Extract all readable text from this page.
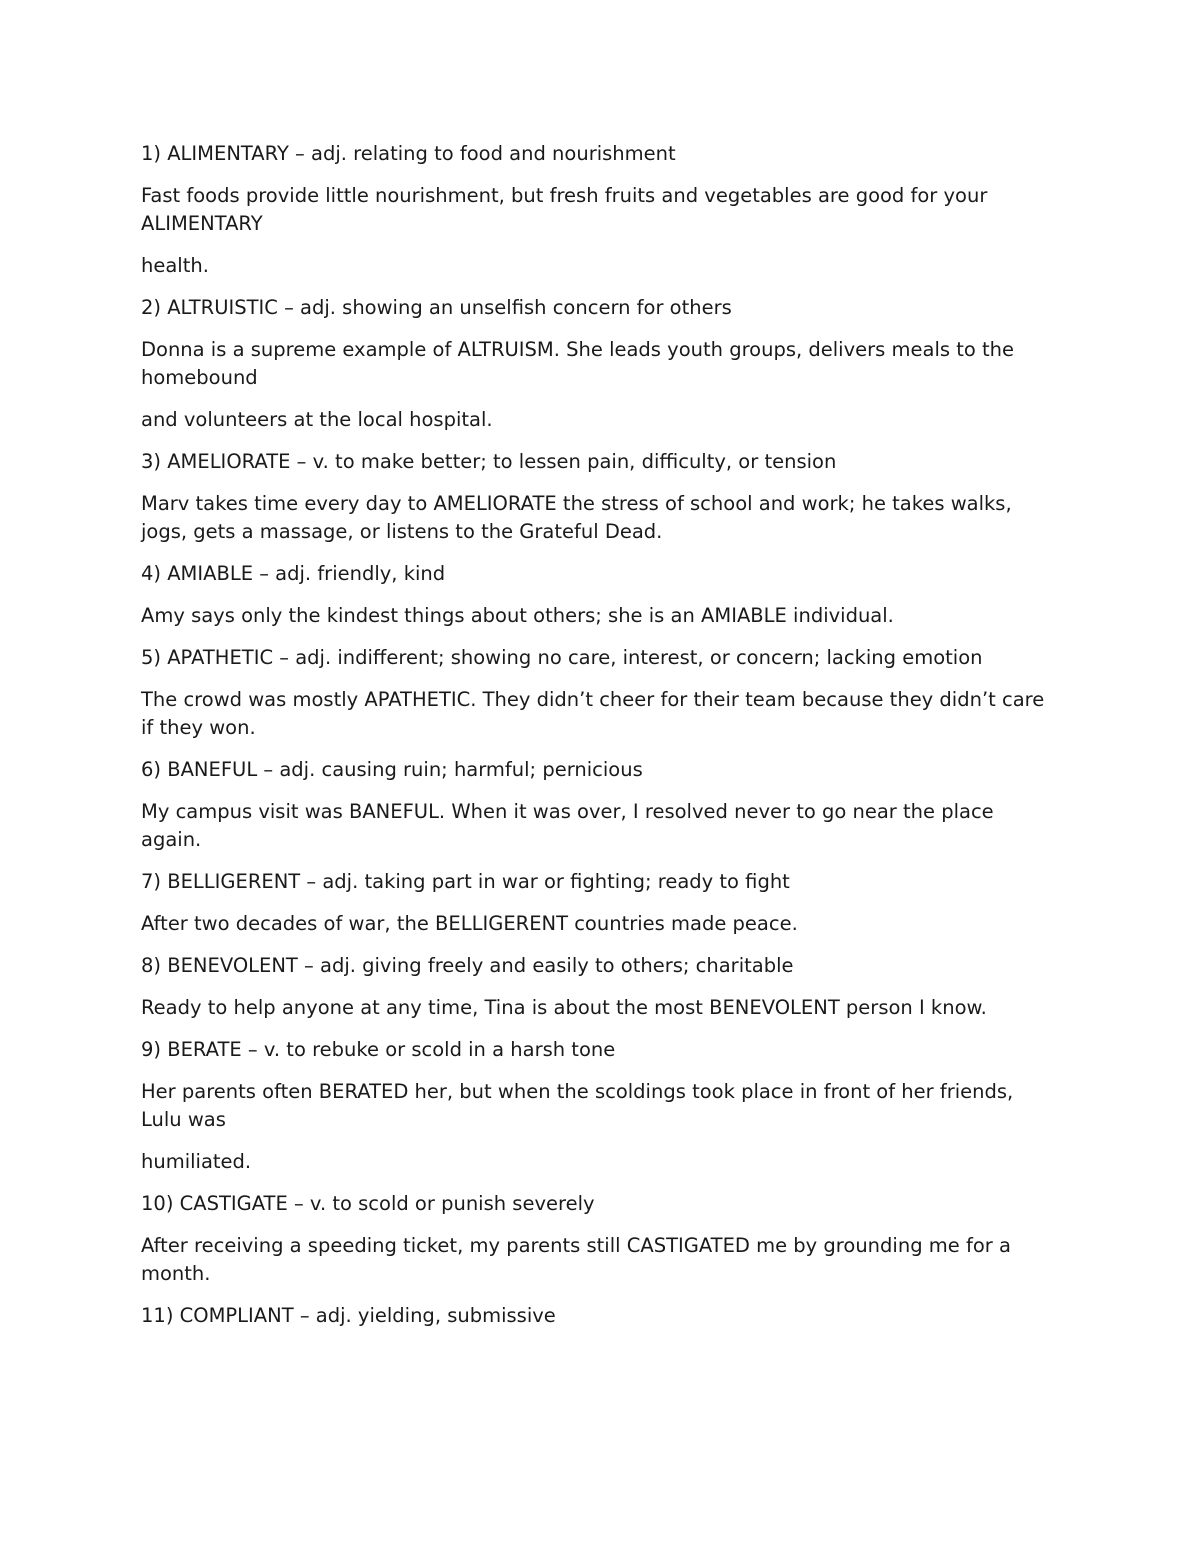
1) ALIMENTARY – adj. relating to food and nourishment

Fast foods provide little nourishment, but fresh fruits and vegetables are good for your ALIMENTARY

health.

2) ALTRUISTIC – adj. showing an unselfish concern for others

Donna is a supreme example of ALTRUISM. She leads youth groups, delivers meals to the homebound

and volunteers at the local hospital.

3) AMELIORATE – v. to make better; to lessen pain, difficulty, or tension

Marv takes time every day to AMELIORATE the stress of school and work; he takes walks, jogs, gets a massage, or listens to the Grateful Dead.

4) AMIABLE – adj. friendly, kind

Amy says only the kindest things about others; she is an AMIABLE individual.

5) APATHETIC – adj. indifferent; showing no care, interest, or concern; lacking emotion

The crowd was mostly APATHETIC. They didn’t cheer for their team because they didn’t care if they won.

6) BANEFUL – adj. causing ruin; harmful; pernicious

My campus visit was BANEFUL. When it was over, I resolved never to go near the place again.

7) BELLIGERENT – adj. taking part in war or fighting; ready to fight

After two decades of war, the BELLIGERENT countries made peace.

8) BENEVOLENT – adj. giving freely and easily to others; charitable

Ready to help anyone at any time, Tina is about the most BENEVOLENT person I know.

9) BERATE – v. to rebuke or scold in a harsh tone

Her parents often BERATED her, but when the scoldings took place in front of her friends, Lulu was

humiliated.

10) CASTIGATE – v. to scold or punish severely

After receiving a speeding ticket, my parents still CASTIGATED me by grounding me for a month.

11) COMPLIANT – adj. yielding, submissive
